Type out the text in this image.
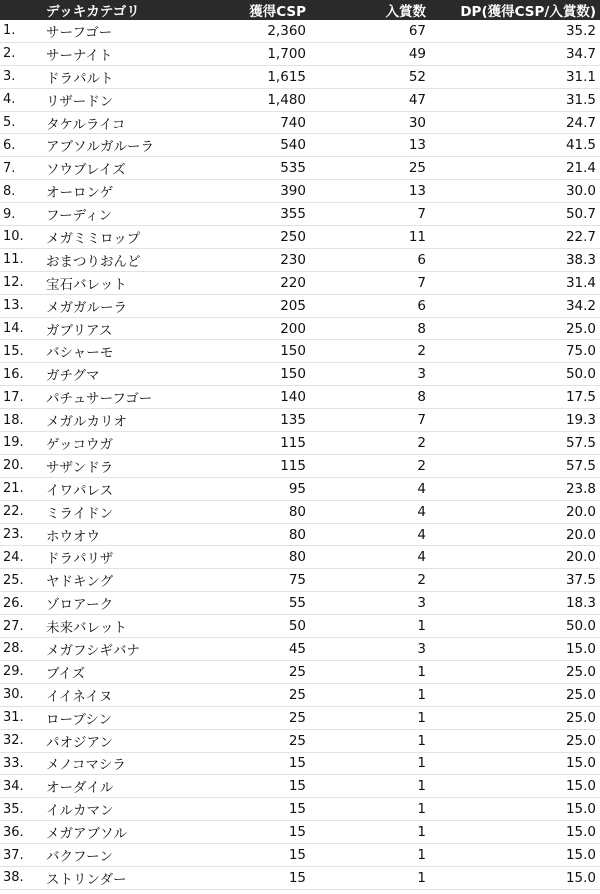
	デッキカテゴリ	獲得CSP	入賞数	DP(獲得CSP/入賞数)
1.	サーフゴー	2,360	67	35.2
2.	サーナイト	1,700	49	34.7
3.	ドラパルト	1,615	52	31.1
4.	リザードン	1,480	47	31.5
5.	タケルライコ	740	30	24.7
6.	アブソルガルーラ	540	13	41.5
7.	ソウブレイズ	535	25	21.4
8.	オーロンゲ	390	13	30.0
9.	フーディン	355	7	50.7
10.	メガミミロップ	250	11	22.7
11.	おまつりおんど	230	6	38.3
12.	宝石バレット	220	7	31.4
13.	メガガルーラ	205	6	34.2
14.	ガブリアス	200	8	25.0
15.	バシャーモ	150	2	75.0
16.	ガチグマ	150	3	50.0
17.	パチュサーフゴー	140	8	17.5
18.	メガルカリオ	135	7	19.3
19.	ゲッコウガ	115	2	57.5
20.	サザンドラ	115	2	57.5
21.	イワパレス	95	4	23.8
22.	ミライドン	80	4	20.0
23.	ホウオウ	80	4	20.0
24.	ドラパリザ	80	4	20.0
25.	ヤドキング	75	2	37.5
26.	ゾロアーク	55	3	18.3
27.	未来バレット	50	1	50.0
28.	メガフシギバナ	45	3	15.0
29.	ブイズ	25	1	25.0
30.	イイネイヌ	25	1	25.0
31.	ローブシン	25	1	25.0
32.	パオジアン	25	1	25.0
33.	メノコマシラ	15	1	15.0
34.	オーダイル	15	1	15.0
35.	イルカマン	15	1	15.0
36.	メガアブソル	15	1	15.0
37.	バクフーン	15	1	15.0
38.	ストリンダー	15	1	15.0
